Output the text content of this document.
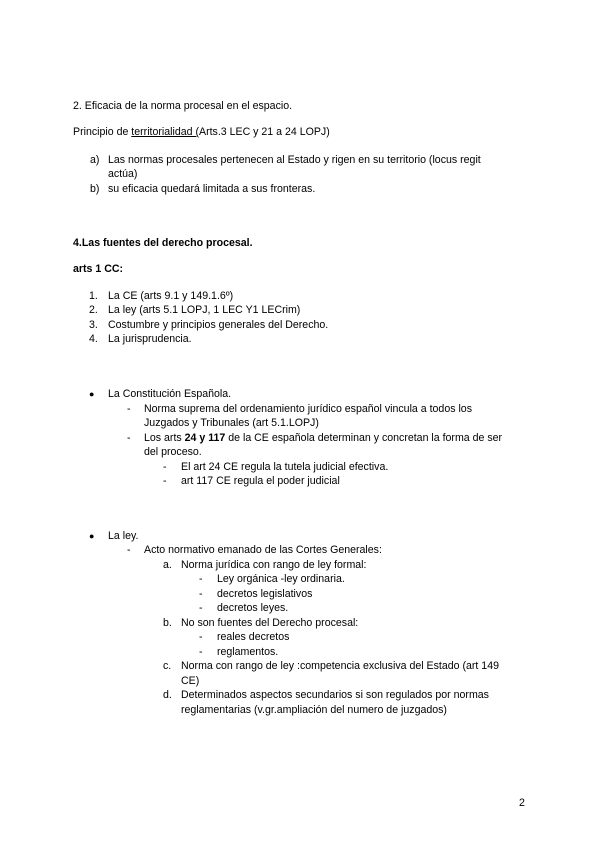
2. Eficacia de la norma procesal en el espacio.
Principio de territorialidad (Arts.3 LEC y 21 a 24 LOPJ)
a) Las normas procesales pertenecen al Estado y rigen en su territorio (locus regit
actúa)
b) su eficacia quedará limitada a sus fronteras.
4.Las fuentes del derecho procesal.
arts 1 CC:
1. La CE (arts 9.1 y 149.1.6º)
2. La ley (arts 5.1 LOPJ, 1 LEC Y1 LECrim)
3. Costumbre y principios generales del Derecho.
4. La jurisprudencia.
● La Constitución Española.
- Norma suprema del ordenamiento jurídico español vincula a todos los
Juzgados y Tribunales (art 5.1.LOPJ)
- Los arts 24 y 117 de la CE española determinan y concretan la forma de ser
del proceso.
- El art 24 CE regula la tutela judicial efectiva.
- art 117 CE regula el poder judicial
● La ley.
- Acto normativo emanado de las Cortes Generales:
a. Norma jurídica con rango de ley formal:
- Ley orgánica -ley ordinaria.
- decretos legislativos
- decretos leyes.
b. No son fuentes del Derecho procesal:
- reales decretos
- reglamentos.
c. Norma con rango de ley :competencia exclusiva del Estado (art 149
CE)
d. Determinados aspectos secundarios si son regulados por normas
reglamentarias (v.gr.ampliación del numero de juzgados)
2
